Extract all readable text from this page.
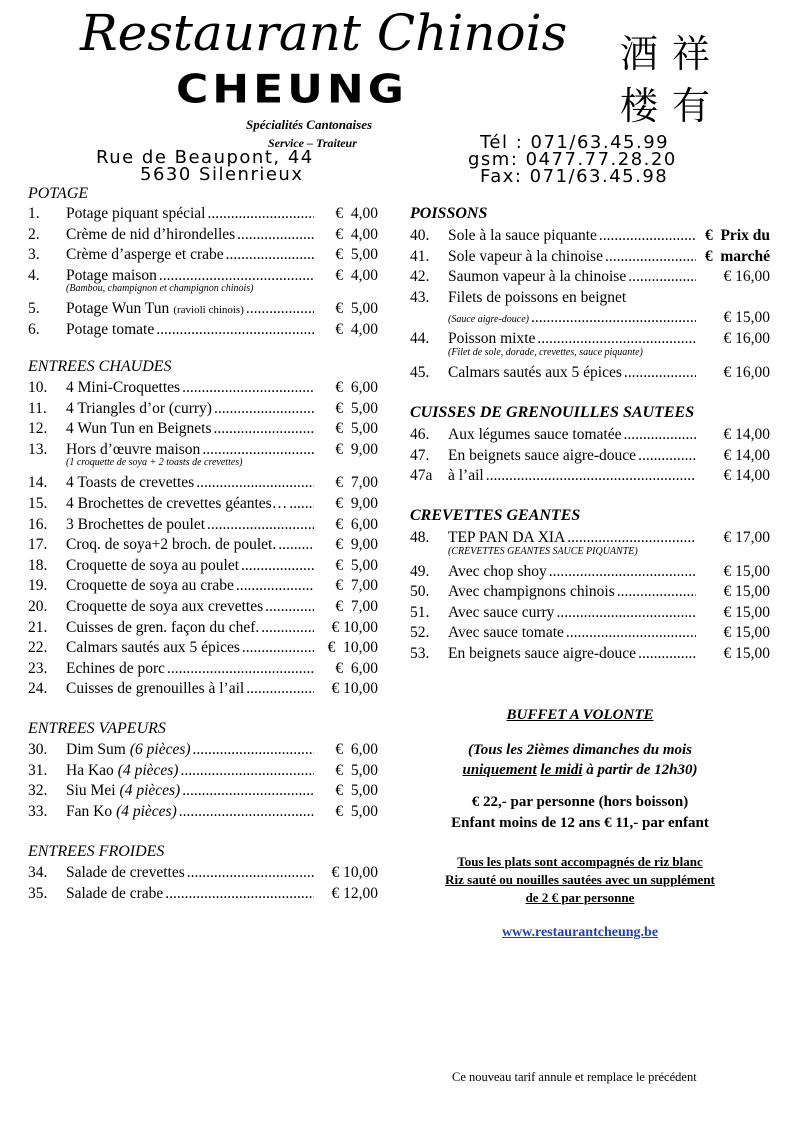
Restaurant Chinois
CHEUNG
酒祥
楼有
Spécialités Cantonaises
Service – Traiteur
Rue de Beaupont, 44
5630 Silenrieux
Tél : 071/63.45.99
gsm: 0477.77.28.20
Fax: 071/63.45.98
POTAGE
1. Potage piquant spécial .....	€  4,00
2. Crème de nid d’hirondelles .....	€  4,00
3. Crème d’asperge et crabe .....	€  5,00
4. Potage maison .....	€  4,00
(Bambou, champignon et champignon chinois)
5. Potage Wun Tun (ravioli chinois) .....	€  5,00
6. Potage tomate .....	€  4,00
ENTREES CHAUDES
10. 4 Mini-Croquettes .....	€  6,00
11. 4 Triangles d’or (curry) .....	€  5,00
12. 4 Wun Tun en Beignets .....	€  5,00
13. Hors d’œuvre maison .....	€  9,00
(1 croquette de soya + 2 toasts de crevettes)
14. 4 Toasts de crevettes .....	€  7,00
15. 4 Brochettes de crevettes géantes… .....	€  9,00
16. 3 Brochettes de poulet .....	€  6,00
17. Croq. de soya+2 broch. de poulet. .....	€  9,00
18. Croquette de soya au poulet .....	€  5,00
19. Croquette de soya au crabe .....	€  7,00
20. Croquette de soya aux crevettes .....	€  7,00
21. Cuisses de gren. façon du chef. .....	€ 10,00
22. Calmars sautés aux 5 épices .....	€  10,00
23. Echines de porc .....	€  6,00
24. Cuisses de grenouilles à l’ail .....	€ 10,00
ENTREES VAPEURS
30. Dim Sum (6 pièces) .....	€  6,00
31. Ha Kao (4 pièces) .....	€  5,00
32. Siu Mei (4 pièces) .....	€  5,00
33. Fan Ko (4 pièces) .....	€  5,00
ENTREES FROIDES
34. Salade de crevettes .....	€ 10,00
35. Salade de crabe .....	€ 12,00
POISSONS
40. Sole à la sauce piquante .....	€  Prix du
41. Sole vapeur à la chinoise .....	€  marché
42. Saumon vapeur à la chinoise .....	€ 16,00
43. Filets de poissons en beignet
(Sauce aigre-douce) .....	€ 15,00
44. Poisson mixte .....	€ 16,00
(Filet de sole, dorade, crevettes, sauce piquante)
45. Calmars sautés aux 5 épices .....	€ 16,00
CUISSES DE GRENOUILLES SAUTEES
46. Aux légumes sauce tomatée .....	€ 14,00
47. En beignets sauce aigre-douce .....	€ 14,00
47a à l’ail .....	€ 14,00
CREVETTES GEANTES
48. TEP PAN DA XIA .....	€ 17,00
(CREVETTES GEANTES SAUCE PIQUANTE)
49. Avec chop shoy .....	€ 15,00
50. Avec champignons chinois .....	€ 15,00
51. Avec sauce curry .....	€ 15,00
52. Avec sauce tomate .....	€ 15,00
53. En beignets sauce aigre-douce .....	€ 15,00
BUFFET A VOLONTE
(Tous les 2ièmes dimanches du mois
uniquement le midi à partir de 12h30)
€ 22,- par personne (hors boisson)
Enfant moins de 12 ans € 11,- par enfant
Tous les plats sont accompagnés de riz blanc
Riz sauté ou nouilles sautées avec un supplément
de 2 € par personne
www.restaurantcheung.be
Ce nouveau tarif annule et remplace le précédent
